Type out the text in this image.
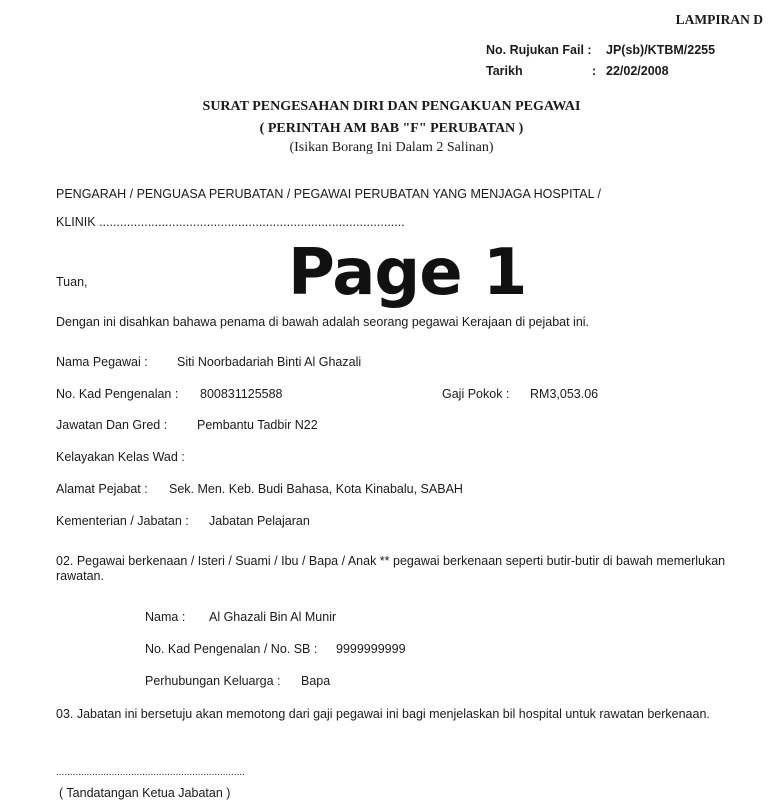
LAMPIRAN D
No. Rujukan Fail : JP(sb)/KTBM/2255
Tarikh	: 22/02/2008
SURAT PENGESAHAN DIRI DAN PENGAKUAN PEGAWAI
( PERINTAH AM BAB "F" PERUBATAN )
(Isikan Borang Ini Dalam 2 Salinan)
PENGARAH / PENGUASA PERUBATAN / PEGAWAI PERUBATAN YANG MENJAGA HOSPITAL /
KLINIK ........................................................................................
Page 1
Tuan,
Dengan ini disahkan bahawa penama di bawah adalah seorang pegawai Kerajaan di pejabat ini.
Nama Pegawai : Siti Noorbadariah Binti Al Ghazali
No. Kad Pengenalan : 800831125588	Gaji Pokok : RM3,053.06
Jawatan Dan Gred : Pembantu Tadbir N22
Kelayakan Kelas Wad :
Alamat Pejabat : Sek. Men. Keb. Budi Bahasa, Kota Kinabalu, SABAH
Kementerian / Jabatan : Jabatan Pelajaran
02. Pegawai berkenaan / Isteri / Suami / Ibu / Bapa / Anak ** pegawai berkenaan seperti butir-butir di bawah memerlukan rawatan.
Nama : Al Ghazali Bin Al Munir
No. Kad Pengenalan / No. SB : 9999999999
Perhubungan Keluarga : Bapa
03. Jabatan ini bersetuju akan memotong dari gaji pegawai ini bagi menjelaskan bil hospital untuk rawatan berkenaan.
....................................................................
( Tandatangan Ketua Jabatan )
